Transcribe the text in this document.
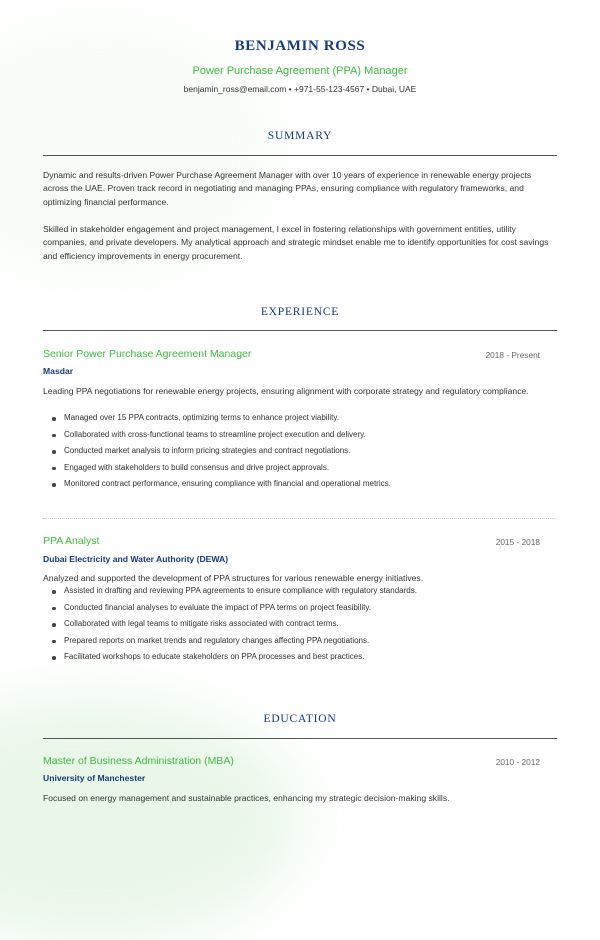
BENJAMIN ROSS
Power Purchase Agreement (PPA) Manager
benjamin_ross@email.com • +971-55-123-4567 • Dubai, UAE
SUMMARY
Dynamic and results-driven Power Purchase Agreement Manager with over 10 years of experience in renewable energy projects across the UAE. Proven track record in negotiating and managing PPAs, ensuring compliance with regulatory frameworks, and optimizing financial performance.
Skilled in stakeholder engagement and project management, I excel in fostering relationships with government entities, utility companies, and private developers. My analytical approach and strategic mindset enable me to identify opportunities for cost savings and efficiency improvements in energy procurement.
EXPERIENCE
Senior Power Purchase Agreement Manager	2018 - Present
Masdar
Leading PPA negotiations for renewable energy projects, ensuring alignment with corporate strategy and regulatory compliance.
Managed over 15 PPA contracts, optimizing terms to enhance project viability.
Collaborated with cross-functional teams to streamline project execution and delivery.
Conducted market analysis to inform pricing strategies and contract negotiations.
Engaged with stakeholders to build consensus and drive project approvals.
Monitored contract performance, ensuring compliance with financial and operational metrics.
PPA Analyst	2015 - 2018
Dubai Electricity and Water Authority (DEWA)
Analyzed and supported the development of PPA structures for various renewable energy initiatives.
Assisted in drafting and reviewing PPA agreements to ensure compliance with regulatory standards.
Conducted financial analyses to evaluate the impact of PPA terms on project feasibility.
Collaborated with legal teams to mitigate risks associated with contract terms.
Prepared reports on market trends and regulatory changes affecting PPA negotiations.
Facilitated workshops to educate stakeholders on PPA processes and best practices.
EDUCATION
Master of Business Administration (MBA)	2010 - 2012
University of Manchester
Focused on energy management and sustainable practices, enhancing my strategic decision-making skills.
